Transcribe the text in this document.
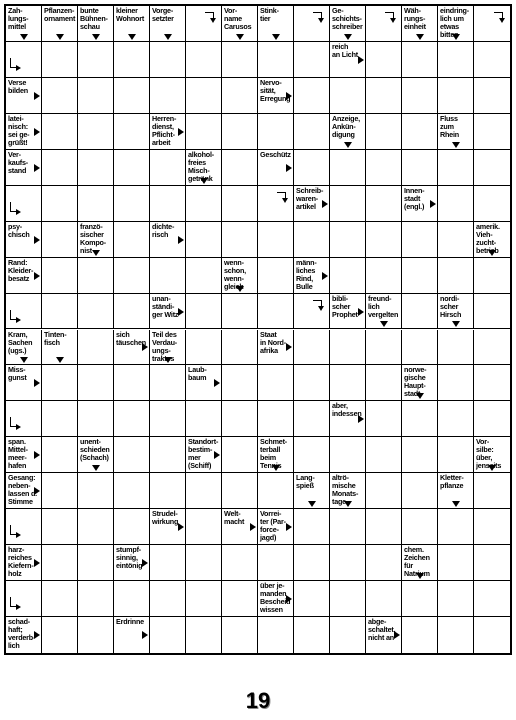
Zah-
lungs-
mittel
Pflanzen-
ornament
bunte
Bühnen-
schau
kleiner
Wohnort
Vorge-
setzter
Vor-
name
Carusos
Stink-
tier
Ge-
schichts-
schreiber
Wäh-
rungs-
einheit
eindring-
lich um
etwas
bitten
reich
an Licht
Verse
bilden
Nervo-
sität,
Erregung
latei-
nisch:
sei ge-
grüßt!
Herren-
dienst,
Pflicht-
arbeit
Anzeige,
Ankün-
digung
Fluss
zum
Rhein
Ver-
kaufs-
stand
alkohol-
freies
Misch-
getränk
Geschütz
Schreib-
waren-
artikel
Innen-
stadt
(engl.)
psy-
chisch
franzö-
sischer
Kompo-
nist
dichte-
risch
amerik.
Vieh-
zucht-
betrieb
Rand:
Kleider-
besatz
wenn-
schon,
wenn-
gleich
männ-
liches
Rind,
Bulle
unan-
ständi-
ger Witz
bibli-
scher
Prophet
freund-
lich
vergelten
nordi-
scher
Hirsch
Kram,
Sachen
(ugs.)
Tinten-
fisch
sich
täuschen
Teil des
Verdau-
ungs-
traktes
Staat
in Nord-
afrika
Miss-
gunst
Laub-
baum
norwe-
gische
Haupt-
stadt
aber,
indessen
span.
Mittel-
meer-
hafen
unent-
schieden
(Schach)
Standort-
bestim-
mer
(Schiff)
Schmet-
terball
beim
Tennis
Vor-
silbe:
über,
jenseits
Gesang:
neben-
lassen d.
Stimme
Lang-
spieß
altrö-
mische
Monats-
tage
Kletter-
pflanze
Strudel-
wirkung
Welt-
macht
Vorrei-
ter (Par-
force-
jagd)
harz-
reiches
Kiefern-
holz
stumpf-
sinnig,
eintönig
chem.
Zeichen
für
Natrium
über je-
manden
Bescheid
wissen
schad-
haft;
verderb-
lich
Erdrinne	abge-
schaltet,
nicht an
19
